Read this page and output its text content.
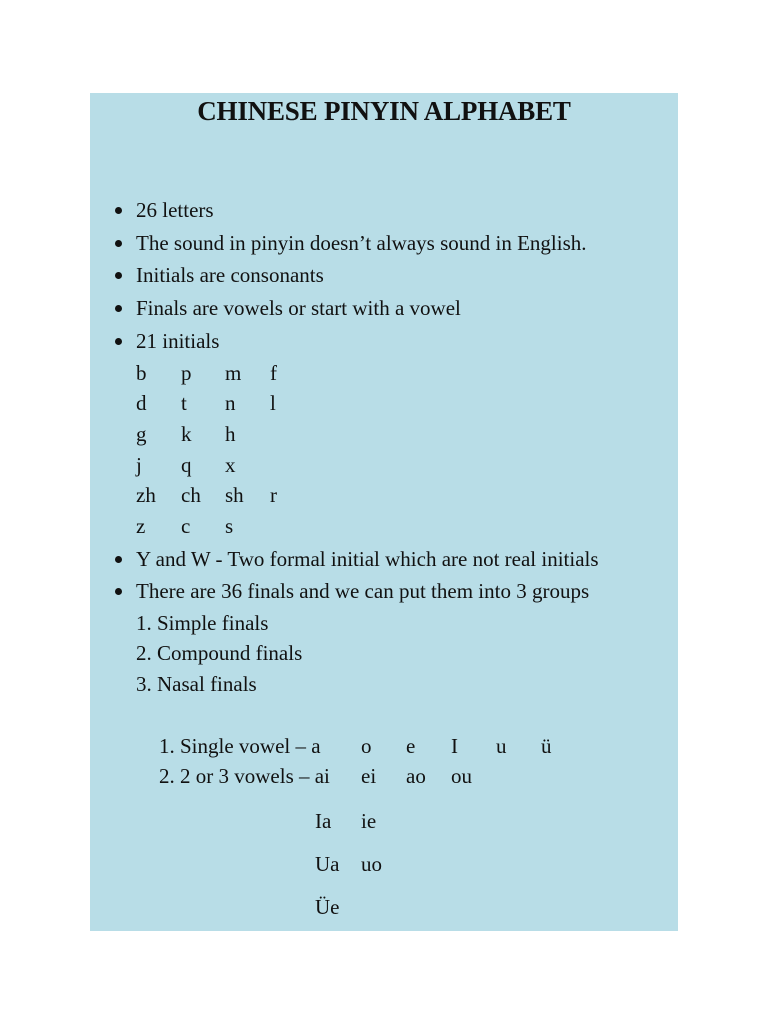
CHINESE PINYIN ALPHABET
26 letters
The sound in pinyin doesn’t always sound in English.
Initials are consonants
Finals are vowels or start with a vowel
21 initials
b p m f
d t n l
g k h
j q x
zh ch sh r
z c s
Y and W - Two formal initial which are not real initials
There are 36 finals and we can put them into 3 groups
1. Simple finals
2. Compound finals
3. Nasal finals
1. Single vowel – a o e I u ü
2. 2 or 3 vowels – ai ei ao ou
Ia ie
Ua uo
Üe
